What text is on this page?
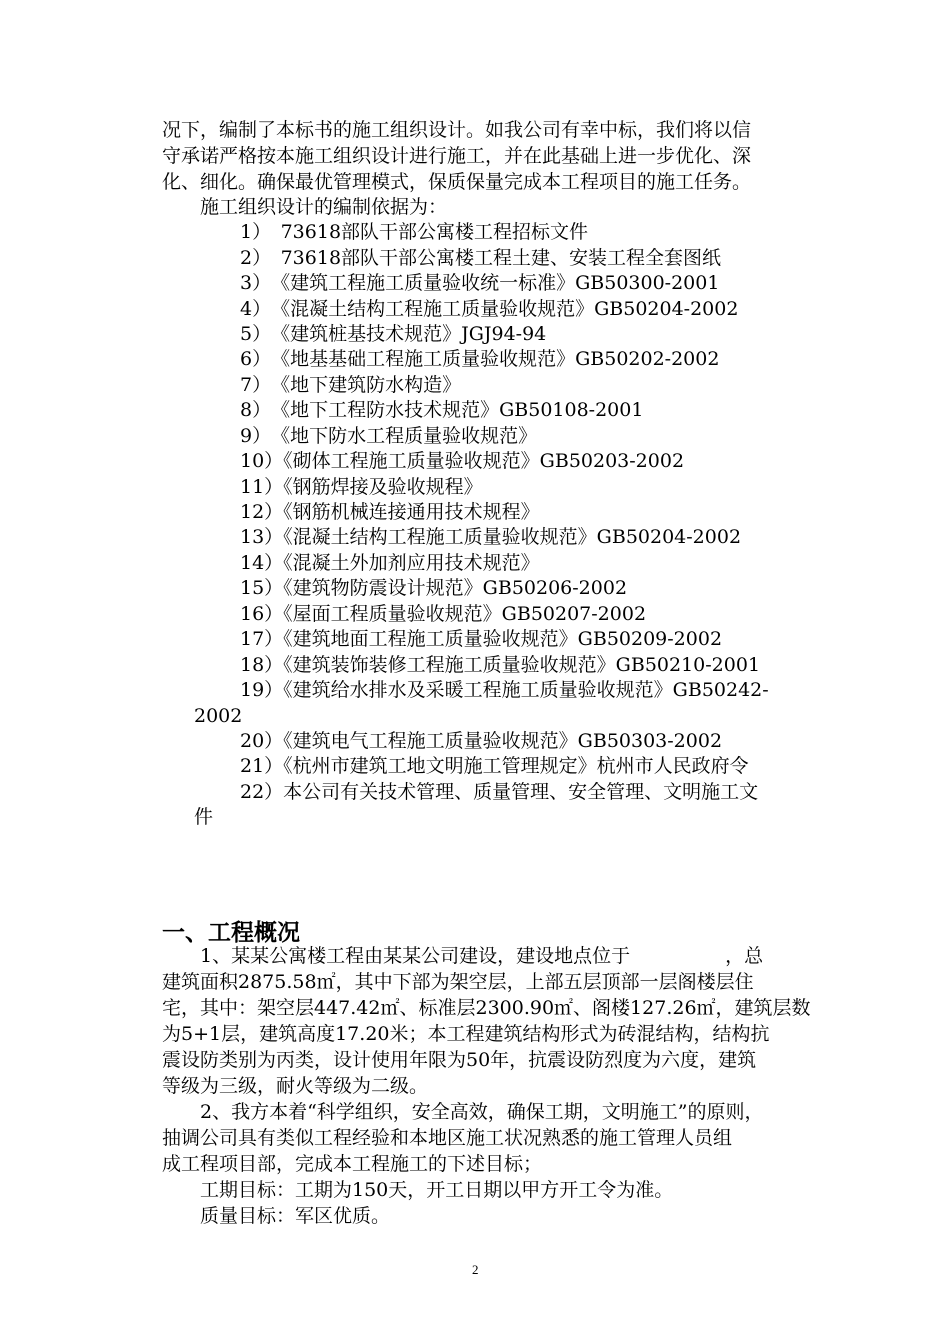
况下，编制了本标书的施工组织设计。如我公司有幸中标，我们将以信
守承诺严格按本施工组织设计进行施工，并在此基础上进一步优化、深
化、细化。确保最优管理模式，保质保量完成本工程项目的施工任务。
施工组织设计的编制依据为：
1）　73618部队干部公寓楼工程招标文件
2）　73618部队干部公寓楼工程土建、安装工程全套图纸
3）　《建筑工程施工质量验收统一标准》GB50300-2001
4）　《混凝土结构工程施工质量验收规范》GB50204-2002
5）　《建筑桩基技术规范》JGJ94-94
6）　《地基基础工程施工质量验收规范》GB50202-2002
7）　《地下建筑防水构造》
8）　《地下工程防水技术规范》GB50108-2001
9）　《地下防水工程质量验收规范》
10）《砌体工程施工质量验收规范》GB50203-2002
11）《钢筋焊接及验收规程》
12）《钢筋机械连接通用技术规程》
13）《混凝土结构工程施工质量验收规范》GB50204-2002
14）《混凝土外加剂应用技术规范》
15）《建筑物防震设计规范》GB50206-2002
16）《屋面工程质量验收规范》GB50207-2002
17）《建筑地面工程施工质量验收规范》GB50209-2002
18）《建筑装饰装修工程施工质量验收规范》GB50210-2001
19）《建筑给水排水及采暖工程施工质量验收规范》GB50242-
2002
20）《建筑电气工程施工质量验收规范》GB50303-2002
21）《杭州市建筑工地文明施工管理规定》杭州市人民政府令
22）本公司有关技术管理、质量管理、安全管理、文明施工文
件
一、工程概况
1、某某公寓楼工程由某某公司建设，建设地点位于　　　　　，总
建筑面积2875.58㎡，其中下部为架空层，上部五层顶部一层阁楼层住
宅，其中：架空层447.42㎡、标准层2300.90㎡、阁楼127.26㎡，建筑层数
为5+1层，建筑高度17.20米；本工程建筑结构形式为砖混结构，结构抗
震设防类别为丙类，设计使用年限为50年，抗震设防烈度为六度，建筑
等级为三级，耐火等级为二级。
2、我方本着“科学组织，安全高效，确保工期，文明施工”的原则，
抽调公司具有类似工程经验和本地区施工状况熟悉的施工管理人员组
成工程项目部，完成本工程施工的下述目标；
工期目标：工期为150天，开工日期以甲方开工令为准。
质量目标：军区优质。
2
